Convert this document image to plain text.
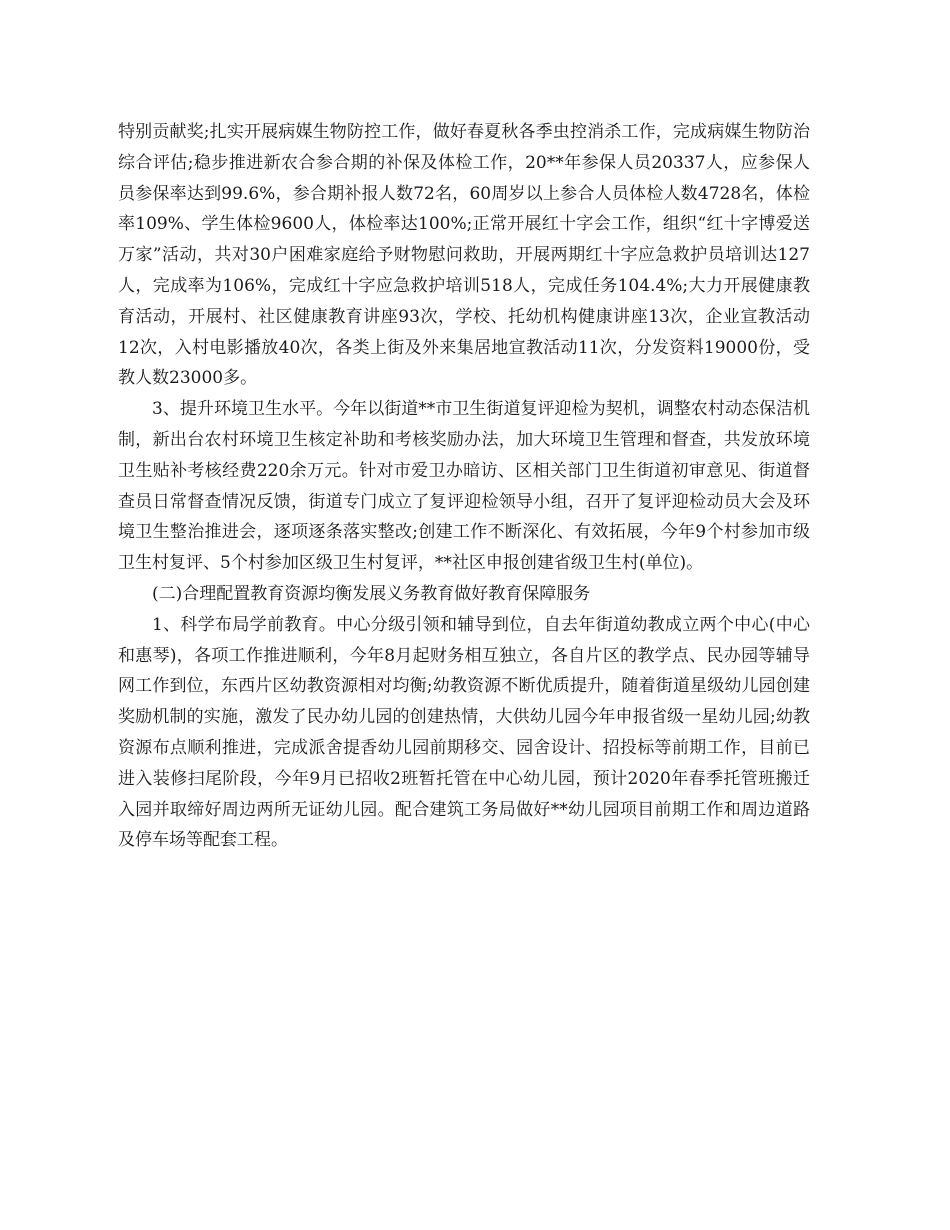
特别贡献奖;扎实开展病媒生物防控工作，做好春夏秋各季虫控消杀工作，完成病媒生物防治综合评估;稳步推进新农合参合期的补保及体检工作，20**年参保人员20337人，应参保人员参保率达到99.6%，参合期补报人数72名，60周岁以上参合人员体检人数4728名，体检率109%、学生体检9600人，体检率达100%;正常开展红十字会工作，组织“红十字博爱送万家”活动，共对30户困难家庭给予财物慰问救助，开展两期红十字应急救护员培训达127人，完成率为106%，完成红十字应急救护培训518人，完成任务104.4%;大力开展健康教育活动，开展村、社区健康教育讲座93次，学校、托幼机构健康讲座13次，企业宣教活动12次，入村电影播放40次，各类上街及外来集居地宣教活动11次，分发资料19000份，受教人数23000多。

3、提升环境卫生水平。今年以街道**市卫生街道复评迎检为契机，调整农村动态保洁机制，新出台农村环境卫生核定补助和考核奖励办法，加大环境卫生管理和督查，共发放环境卫生贴补考核经费220余万元。针对市爱卫办暗访、区相关部门卫生街道初审意见、街道督查员日常督查情况反馈，街道专门成立了复评迎检领导小组，召开了复评迎检动员大会及环境卫生整治推进会，逐项逐条落实整改;创建工作不断深化、有效拓展，今年9个村参加市级卫生村复评、5个村参加区级卫生村复评，**社区申报创建省级卫生村(单位)。

(二)合理配置教育资源均衡发展义务教育做好教育保障服务

1、科学布局学前教育。中心分级引领和辅导到位，自去年街道幼教成立两个中心(中心和惠琴)，各项工作推进顺利，今年8月起财务相互独立，各自片区的教学点、民办园等辅导网工作到位，东西片区幼教资源相对均衡;幼教资源不断优质提升，随着街道星级幼儿园创建奖励机制的实施，激发了民办幼儿园的创建热情，大供幼儿园今年申报省级一星幼儿园;幼教资源布点顺利推进，完成派舍提香幼儿园前期移交、园舍设计、招投标等前期工作，目前已进入装修扫尾阶段，今年9月已招收2班暂托管在中心幼儿园，预计2020年春季托管班搬迁入园并取缔好周边两所无证幼儿园。配合建筑工务局做好**幼儿园项目前期工作和周边道路及停车场等配套工程。
